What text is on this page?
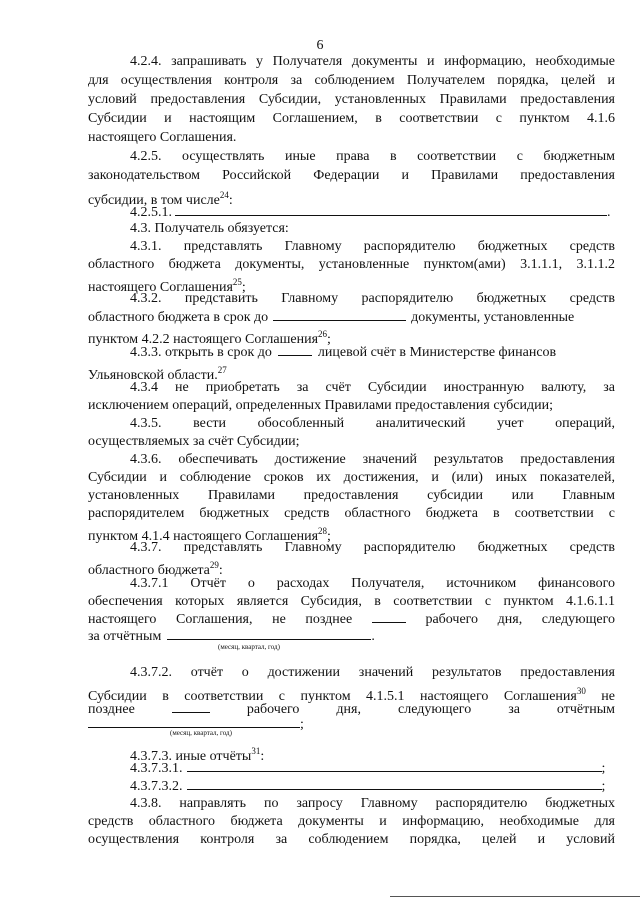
6
4.2.4. запрашивать у Получателя документы и информацию, необходимые
для осуществления контроля за соблюдением Получателем порядка, целей и
условий предоставления Субсидии, установленных Правилами предоставления
Субсидии и настоящим Соглашением, в соответствии с пунктом 4.1.6
настоящего Соглашения.
4.2.5. осуществлять иные права в соответствии с бюджетным
законодательством Российской Федерации и Правилами предоставления
субсидии, в том числе$^{24}$:
4.2.5.1.	.
4.3. Получатель обязуется:
4.3.1. представлять Главному распорядителю бюджетных средств
областного бюджета документы, установленные пунктом(ами) 3.1.1.1, 3.1.1.2
настоящего Соглашения$^{25}$;
4.3.2. представить Главному распорядителю бюджетных средств
областного бюджета в срок до	документы, установленные
пунктом 4.2.2 настоящего Соглашения$^{26}$;
4.3.3. открыть в срок до	лицевой счёт в Министерстве финансов
Ульяновской области.$^{27}$
4.3.4 не приобретать за счёт Субсидии иностранную валюту, за
исключением операций, определенных Правилами предоставления субсидии;
4.3.5. вести обособленный аналитический учет операций,
осуществляемых за счёт Субсидии;
4.3.6. обеспечивать достижение значений результатов предоставления
Субсидии и соблюдение сроков их достижения, и (или) иных показателей,
установленных Правилами предоставления субсидии или Главным
распорядителем бюджетных средств областного бюджета в соответствии с
пунктом 4.1.4 настоящего Соглашения$^{28}$;
4.3.7. представлять Главному распорядителю бюджетных средств
областного бюджета$^{29}$:
4.3.7.1 Отчёт о расходах Получателя, источником финансового
обеспечения которых является Субсидия, в соответствии с пунктом 4.1.6.1.1
настоящего Соглашения, не позднее	рабочего дня, следующего
за отчётным	.
(месяц, квартал, год)
4.3.7.2. отчёт о достижении значений результатов предоставления
Субсидии в соответствии с пунктом 4.1.5.1 настоящего Соглашения$^{30}$ не
позднее	рабочего дня, следующего за отчётным
;
(месяц, квартал, год)
4.3.7.3. иные отчёты$^{31}$:
4.3.7.3.1.	;
4.3.7.3.2.	;
4.3.8. направлять по запросу Главному распорядителю бюджетных
средств областного бюджета документы и информацию, необходимые для
осуществления контроля за соблюдением порядка, целей и условий
